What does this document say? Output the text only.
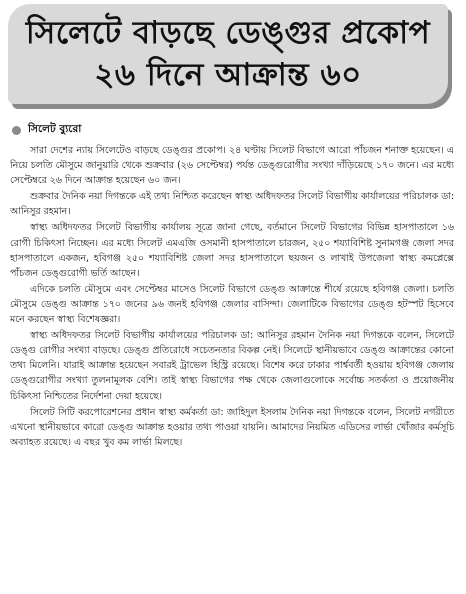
সিলেটে বাড়ছে ডেঙ্গুর প্রকোপ
২৬ দিনে আক্রান্ত ৬০
সিলেট ব্যুরো

সারা দেশের ন্যায় সিলেটেও বাড়ছে ডেঙ্গুর প্রকোপ। ২৪ ঘণ্টায় সিলেট বিভাগে আরো পাঁচজন শনাক্ত হয়েছেন। এ নিয়ে চলতি মৌসুমে জানুয়ারি থেকে শুক্রবার (২৬ সেপ্টেম্বর) পর্যন্ত ডেঙ্গুরোগীর সংখ্যা দাঁড়িয়েছে ১৭০ জনে। এর মধ্যে সেপ্টেম্বরে ২৬ দিনে আক্রান্ত হয়েছেন ৬০ জন।

শুক্রবার দৈনিক নয়া দিগন্তকে এই তথ্য নিশ্চিত করেছেন স্বাস্থ্য অধিদফতর সিলেট বিভাগীয় কার্যালয়ের পরিচালক ডা: আনিসুর রহমান।

স্বাস্থ্য অধিদফতর সিলেট বিভাগীয় কার্যালয় সূত্রে জানা গেছে, বর্তমানে সিলেট বিভাগের বিভিন্ন হাসপাতালে ১৬ রোগী চিকিৎসা নিচ্ছেন। এর মধ্যে সিলেট এমএজি ওসমানী হাসপাতালে চারজন, ২৫০ শয্যাবিশিষ্ট সুনামগঞ্জ জেলা সদর হাসপাতালে একজন, হবিগঞ্জ ২৫০ শয্যাবিশিষ্ট জেলা সদর হাসপাতালে ছয়জন ও লাখাই উপজেলা স্বাস্থ্য কমপ্লেক্সে পাঁচজন ডেঙ্গুরোগী ভর্তি আছেন।

এদিকে চলতি মৌসুমে এবং সেপ্টেম্বর মাসেও সিলেট বিভাগে ডেঙ্গু আক্রান্তে শীর্ষে রয়েছে হবিগঞ্জ জেলা। চলতি মৌসুমে ডেঙ্গু আক্রান্ত ১৭০ জনের ৯৬ জনই হবিগঞ্জ জেলার বাসিন্দা। জেলাটিকে বিভাগের ডেঙ্গু হটস্পট হিসেবে মনে করছেন স্বাস্থ্য বিশেষজ্ঞরা।

স্বাস্থ্য অধিদফতর সিলেট বিভাগীয় কার্যালয়ের পরিচালক ডা: আনিসুর রহমান দৈনিক নয়া দিগন্তকে বলেন, সিলেটে ডেঙ্গু রোগীর সংখ্যা বাড়ছে। ডেঙ্গু প্রতিরোধে সচেতনতার বিকল্প নেই। সিলেটে স্থানীয়ভাবে ডেঙ্গু আক্রান্তের কোনো তথ্য মিলেনি। যারাই আক্রান্ত হয়েছেন সবারই ট্রাভেল হিস্ট্রি রয়েছে। বিশেষ করে ঢাকার পার্শ্ববর্তী হওয়ায় হবিগঞ্জ জেলায় ডেঙ্গুরোগীর সংখ্যা তুলনামূলক বেশি। তাই স্বাস্থ্য বিভাগের পক্ষ থেকে জেলাগুলোকে সর্বোচ্চ সতর্কতা ও প্রয়োজনীয় চিকিৎসা নিশ্চিতের নির্দেশনা দেয়া হয়েছে।

সিলেট সিটি করপোরেশনের প্রধান স্বাস্থ্য কর্মকর্তা ডা: জাহিদুল ইসলাম দৈনিক নয়া দিগন্তকে বলেন, সিলেট নগরীতে এখনো স্থানীয়ভাবে কারো ডেঙ্গু আক্রান্ত হওয়ার তথ্য পাওয়া যায়নি। আমাদের নিয়মিত এডিসের লার্ভা খোঁজার কর্মসূচি অব্যাহত রয়েছে। এ বছর খুব কম লার্ভা মিলছে।
